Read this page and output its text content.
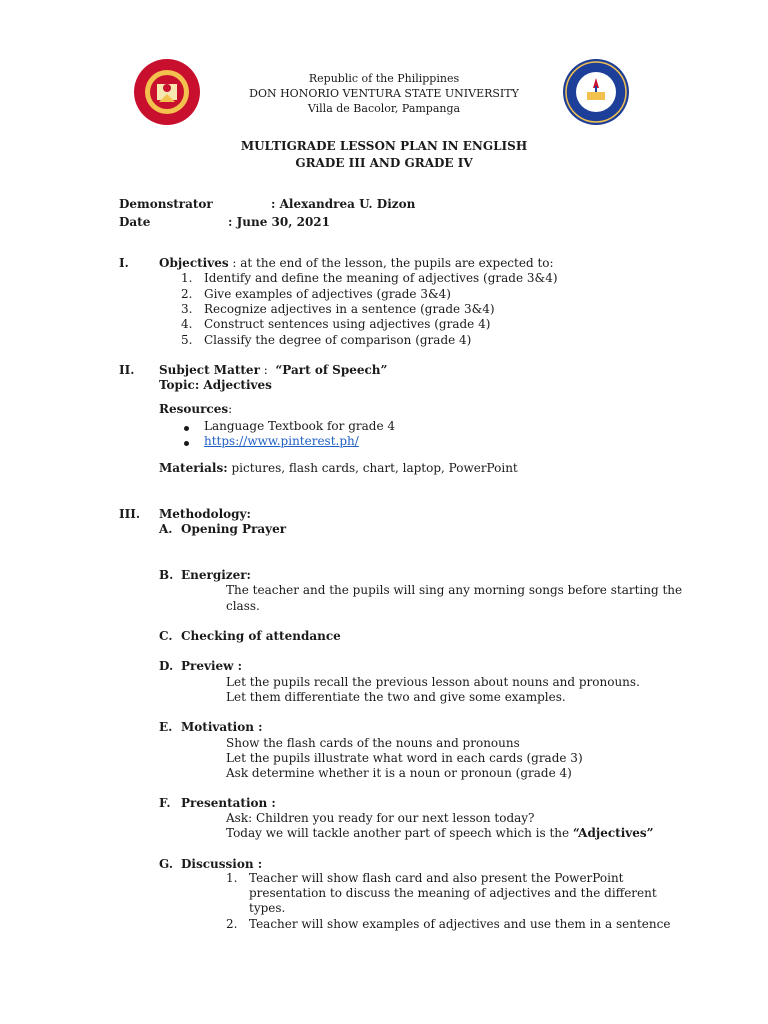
Republic of the Philippines
DON HONORIO VENTURA STATE UNIVERSITY
Villa de Bacolor, Pampanga
MULTIGRADE LESSON PLAN IN ENGLISH
GRADE III AND GRADE IV
Demonstrator	: Alexandrea U. Dizon
Date	: June 30, 2021
I.	Objectives : at the end of the lesson, the pupils are expected to:
1. Identify and define the meaning of adjectives (grade 3&4)
2. Give examples of adjectives (grade 3&4)
3. Recognize adjectives in a sentence (grade 3&4)
4. Construct sentences using adjectives (grade 4)
5. Classify the degree of comparison (grade 4)
II. Subject Matter : “Part of Speech”
Topic: Adjectives
Resources:
Language Textbook for grade 4
https://www.pinterest.ph/
Materials: pictures, flash cards, chart, laptop, PowerPoint
III. Methodology:
A. Opening Prayer
B. Energizer:
The teacher and the pupils will sing any morning songs before starting the
class.
C. Checking of attendance
D. Preview :
Let the pupils recall the previous lesson about nouns and pronouns.
Let them differentiate the two and give some examples.
E. Motivation :
Show the flash cards of the nouns and pronouns
Let the pupils illustrate what word in each cards (grade 3)
Ask determine whether it is a noun or pronoun (grade 4)
F. Presentation :
Ask: Children you ready for our next lesson today?
Today we will tackle another part of speech which is the “Adjectives”
G. Discussion :
1. Teacher will show flash card and also present the PowerPoint
presentation to discuss the meaning of adjectives and the different
types.
2. Teacher will show examples of adjectives and use them in a sentence
